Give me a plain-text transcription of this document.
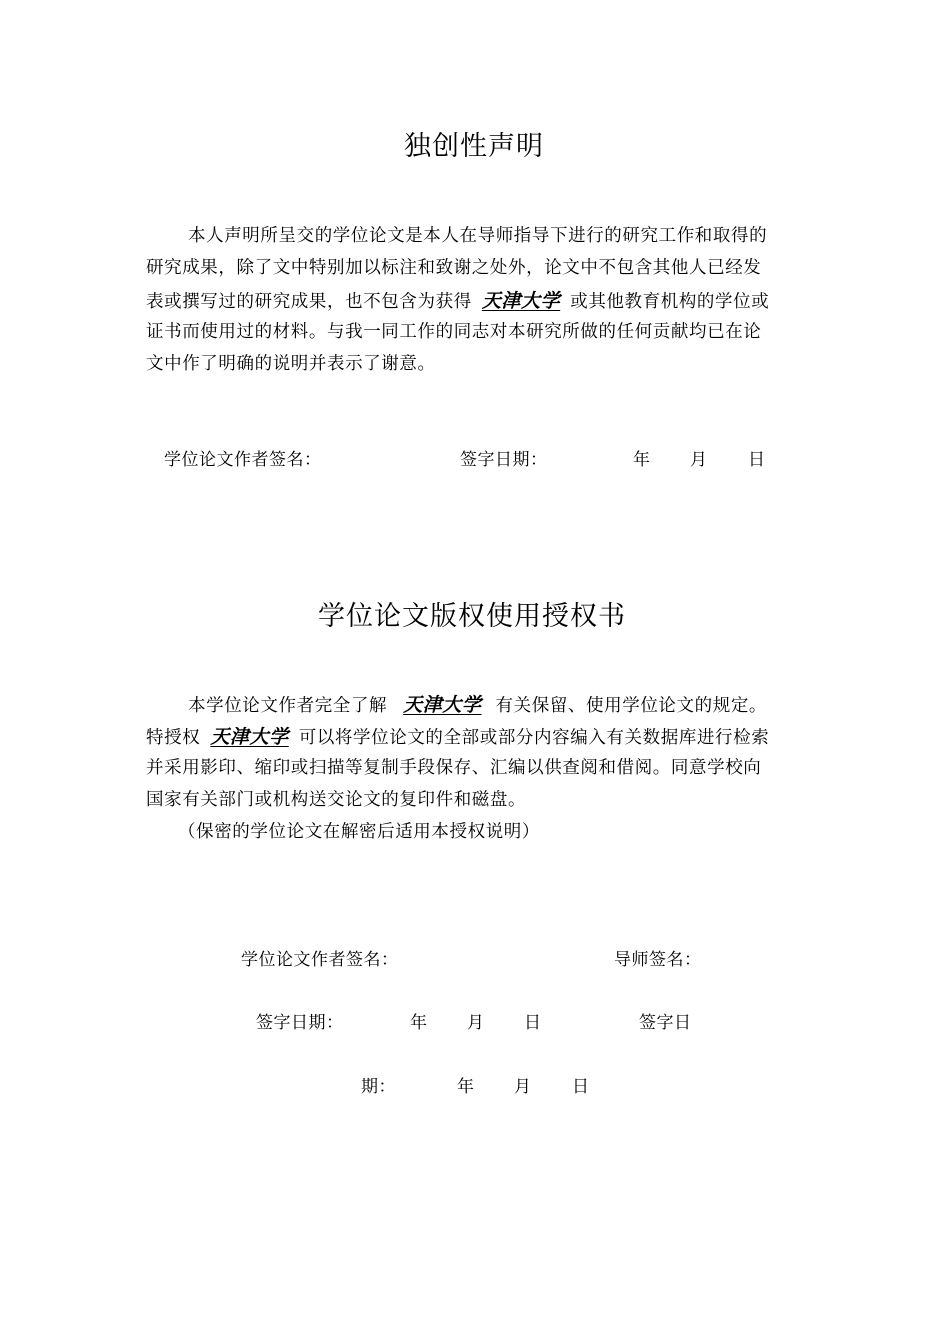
独创性声明
本人声明所呈交的学位论文是本人在导师指导下进行的研究工作和取得的
研究成果，除了文中特别加以标注和致谢之处外，论文中不包含其他人已经发
表或撰写过的研究成果，也不包含为获得 天津大学 或其他教育机构的学位或
证书而使用过的材料。与我一同工作的同志对本研究所做的任何贡献均已在论
文中作了明确的说明并表示了谢意。
学位论文作者签名：	签字日期：	年 月 日
学位论文版权使用授权书
本学位论文作者完全了解 天津大学 有关保留、使用学位论文的规定。
特授权 天津大学 可以将学位论文的全部或部分内容编入有关数据库进行检索
并采用影印、缩印或扫描等复制手段保存、汇编以供查阅和借阅。同意学校向
国家有关部门或机构送交论文的复印件和磁盘。
（保密的学位论文在解密后适用本授权说明）
学位论文作者签名：	导师签名：
签字日期：	年 月 日	签字日
期：	年 月 日
